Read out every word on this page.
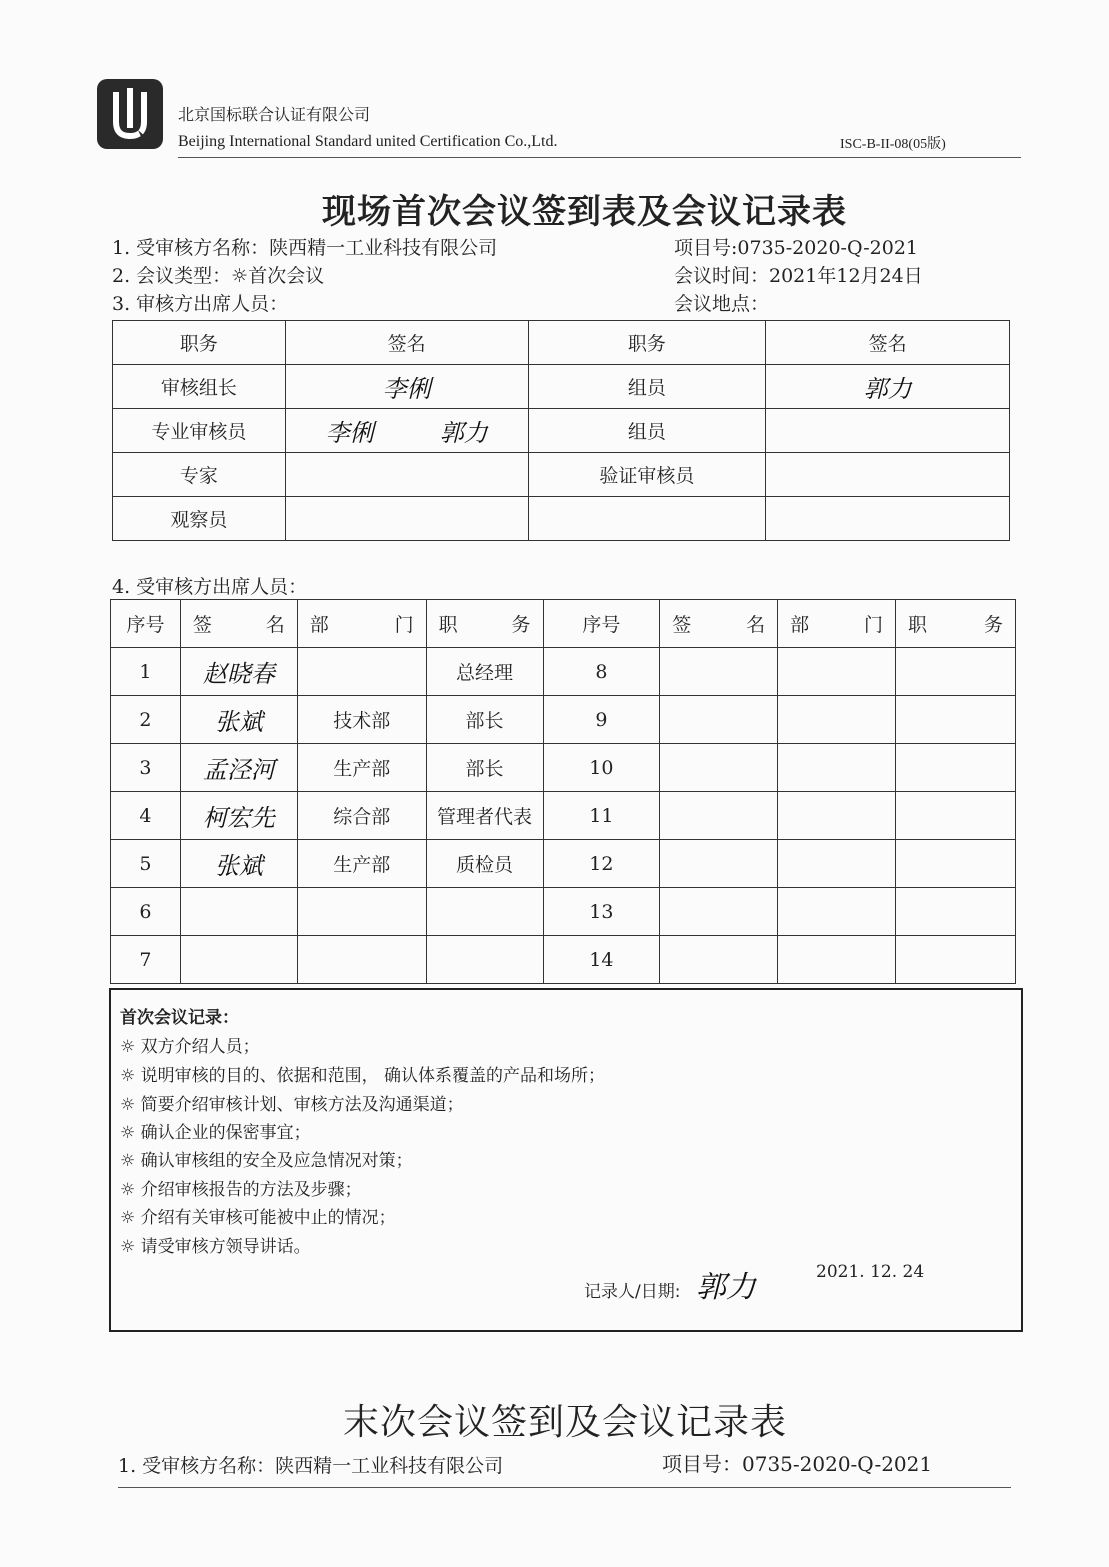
北京国标联合认证有限公司
Beijing International Standard united Certification Co.,Ltd.	ISC-B-II-08(05版)
现场首次会议签到表及会议记录表
1. 受审核方名称：陕西精一工业科技有限公司
2. 会议类型：☼首次会议
3. 审核方出席人员：
项目号:0735-2020-Q-2021
会议时间：2021年12月24日
会议地点：
职务	签名	职务	签名
审核组长	李俐	组员	郭力
专业审核员	李俐 郭力	组员	
专家		验证审核员	
观察员			
4. 受审核方出席人员：
序号	签 名	部 门	职 务	序号	签 名	部 门	职 务

1	赵晓春		总经理	8			
2	张斌	技术部	部长	9			
3	孟泾河	生产部	部长	10			
4	柯宏先	综合部	管理者代表	11			
5	张斌	生产部	质检员	12			
6				13			
7				14			
首次会议记录：
☼ 双方介绍人员；
☼ 说明审核的目的、依据和范围， 确认体系覆盖的产品和场所；
☼ 简要介绍审核计划、审核方法及沟通渠道；
☼ 确认企业的保密事宜；
☼ 确认审核组的安全及应急情况对策；
☼ 介绍审核报告的方法及步骤；
☼ 介绍有关审核可能被中止的情况；
☼ 请受审核方领导讲话。
记录人/日期: 郭力	2021. 12. 24
末次会议签到及会议记录表
1. 受审核方名称：陕西精一工业科技有限公司	项目号：0735-2020-Q-2021
